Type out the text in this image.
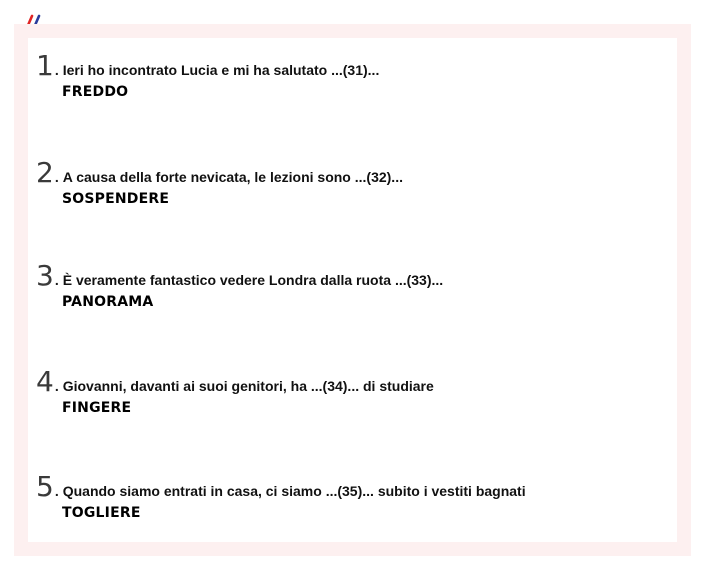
1 . Ieri ho incontrato Lucia e mi ha salutato ...(31)...
FREDDO
2 . A causa della forte nevicata, le lezioni sono ...(32)...
SOSPENDERE
3 . È veramente fantastico vedere Londra dalla ruota ...(33)...
PANORAMA
4 . Giovanni, davanti ai suoi genitori, ha ...(34)... di studiare
FINGERE
5 . Quando siamo entrati in casa, ci siamo ...(35)... subito i vestiti bagnati
TOGLIERE
